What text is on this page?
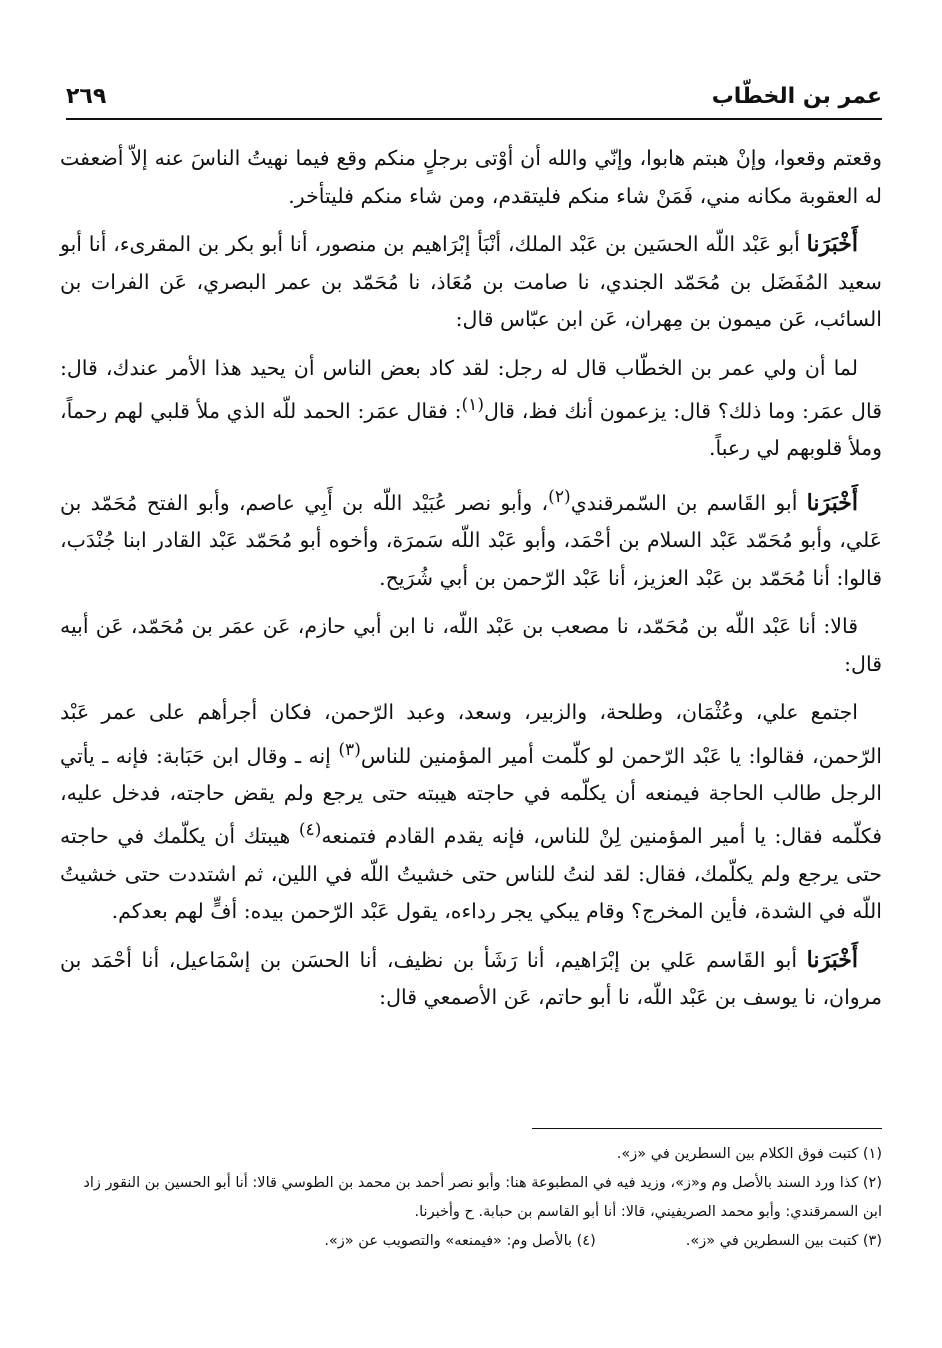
عمر بن الخطّاب
٢٦٩

وقعتم وقعوا، وإنْ هبتم هابوا، وإنّي والله أن أوْتى برجلٍ منكم وقع فيما نهيتُ الناسَ عنه إلاّ أضعفت له العقوبة مكانه مني، فَمَنْ شاء منكم فليتقدم، ومن شاء منكم فليتأخر.

أَخْبَرَنا أبو عَبْد اللّه الحسَين بن عَبْد الملك، أنْبَأ إبْرَاهيم بن منصور، أنا أبو بكر بن المقرىء، أنا أبو سعيد المُفَضَل بن مُحَمّد الجندي، نا صامت بن مُعَاذ، نا مُحَمّد بن عمر البصري، عَن الفرات بن السائب، عَن ميمون بن مِهران، عَن ابن عبّاس قال:

لما أن ولي عمر بن الخطّاب قال له رجل: لقد كاد بعض الناس أن يحيد هذا الأمر عندك، قال: قال عمَر: وما ذلك؟ قال: يزعمون أنك فظ، قال$^{(١)}$: فقال عمَر: الحمد للّه الذي ملأ قلبي لهم رحماً، وملأ قلوبهم لي رعباً.

أَخْبَرَنا أبو القَاسم بن السّمرقندي$^{(٢)}$، وأبو نصر عُبَيْد اللّه بن أَبِي عاصم، وأبو الفتح مُحَمّد بن عَلي، وأبو مُحَمّد عَبْد السلام بن أحْمَد، وأبو عَبْد اللّه سَمرَة، وأخوه أبو مُحَمّد عَبْد القادر ابنا جُنْدَب، قالوا: أنا مُحَمّد بن عَبْد العزيز، أنا عَبْد الرّحمن بن أبي شُرَيح.

قالا: أنا عَبْد اللّه بن مُحَمّد، نا مصعب بن عَبْد اللّه، نا ابن أبي حازم، عَن عمَر بن مُحَمّد، عَن أبيه قال:

اجتمع علي، وعُثْمَان، وطلحة، والزبير، وسعد، وعبد الرّحمن، فكان أجرأهم على عمر عَبْد الرّحمن، فقالوا: يا عَبْد الرّحمن لو كلّمت أمير المؤمنين للناس$^{(٣)}$ إنه ـ وقال ابن حَبَابة: فإنه ـ يأتي الرجل طالب الحاجة فيمنعه أن يكلّمه في حاجته هيبته حتى يرجع ولم يقض حاجته، فدخل عليه، فكلّمه فقال: يا أمير المؤمنين لِنْ للناس، فإنه يقدم القادم فتمنعه$^{(٤)}$ هيبتك أن يكلّمك في حاجته حتى يرجع ولم يكلّمك، فقال: لقد لنتُ للناس حتى خشيتُ اللّه في اللين، ثم اشتددت حتى خشيتُ اللّه في الشدة، فأين المخرج؟ وقام يبكي يجر رداءه، يقول عَبْد الرّحمن بيده: أفٍّ لهم بعدكم.

أَخْبَرَنا أبو القَاسم عَلي بن إبْرَاهيم، أنا رَشَأ بن نظيف، أنا الحسَن بن إسْمَاعيل، أنا أحْمَد بن مروان، نا يوسف بن عَبْد اللّه، نا أبو حاتم، عَن الأصمعي قال:

(١) كتبت فوق الكلام بين السطرين في «ز».

(٢) كذا ورد السند بالأصل وم و«ز»، وزيد فيه في المطبوعة هنا: وأبو نصر أحمد بن محمد بن الطوسي قالا: أنا أبو الحسين بن النقور زاد ابن السمرقندي: وأبو محمد الصريفيني، قالا: أنا أبو القاسم بن حبابة. ح وأخبرنا.

(٣) كتبت بين السطرين في «ز».
(٤) بالأصل وم: «فيمنعه» والتصويب عن «ز».
